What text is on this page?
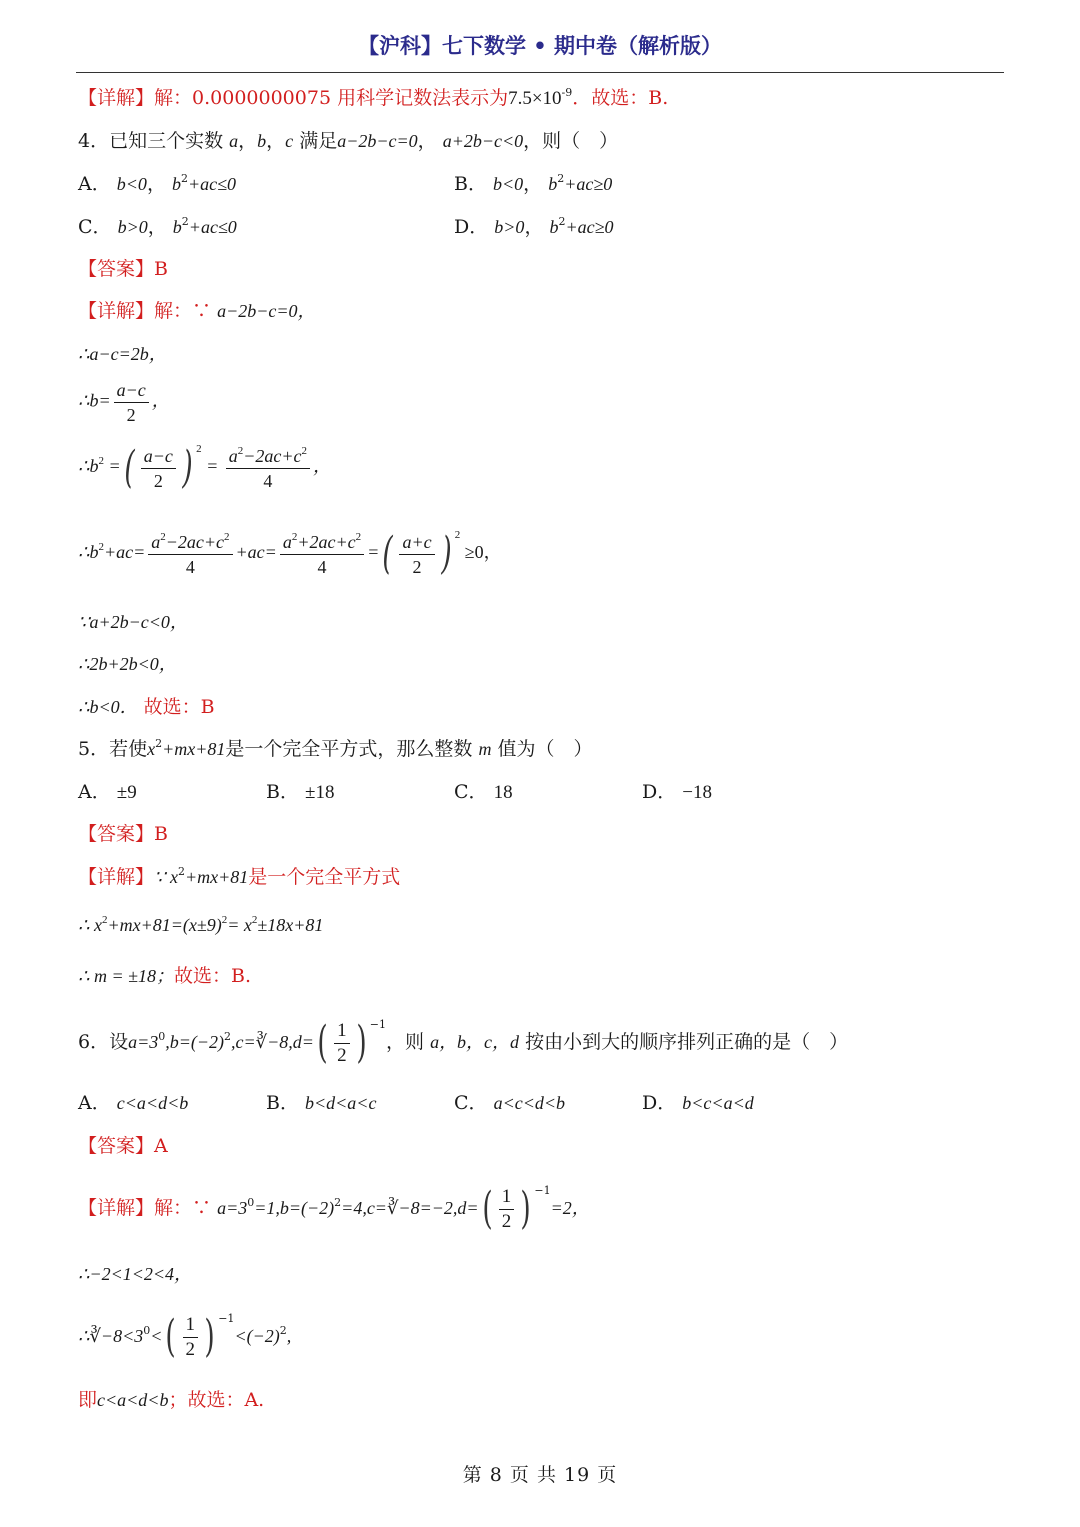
【沪科】七下数学 • 期中卷（解析版）
【详解】解：0.0000000075 用科学记数法表示为$7.5\times 10^{-9}$．故选：B.
4．已知三个实数 a，b，c 满足a−2b−c=0， a+2b−c<0，则（　）
A． b<0， $b^2+ac\le 0$	B． b<0， $b^2+ac\ge 0$
C． b>0， $b^2+ac\le 0$	D． b>0， $b^2+ac\ge 0$
【答案】B
【详解】解：∵ a−2b−c=0，
∴a−c=2b，
∴b= $\frac{a-c}{2}$ ，
$\therefore b^2$ =( $\frac{a-c}{2}$ ) $^2 = \frac{a^2-2ac+c^2}{4}$ ，
$\therefore b^2+ac= \frac{a^2-2ac+c^2}{4} +ac= \frac{a^2+2ac+c^2}{4}$ =( $\frac{a+c}{2}$ ) $^2$ ≥0，
∵a+2b−c<0，
∴2b+2b<0，
∴b<0． 故选：B
5．若使$x^2+mx+81$是一个完全平方式，那么整数 m 值为（　）
A． ±9	B． ±18	C． 18	D． −18
【答案】B
【详解】∵ $x^2+mx+81$是一个完全平方式
∴ $x^2+mx+81=(x\pm 9)^2= x^2\pm 18x+81$
∴ m = ±18；故选：B.
6．设$a=3^0,b=(-2)^2,c=∛-8,d=( \frac{1}{2}$ ) $^{-1}$，则 a，b，c，d 按由小到大的顺序排列正确的是（　）
A． c<a<d<b	B． b<d<a<c	C． a<c<d<b	D． b<c<a<d
【答案】A
【详解】解：∵ $a=3^0=1,b=(-2)^2=4,c=∛-8=-2,d=( \frac{1}{2}$ ) $^{-1}$=2，
∴−2<1<2<4，
$\therefore∛-8<3^0<( \frac{1}{2}$ ) $^{-1}<(-2)^2$,
即c<a<d<b；故选：A.
第 8 页 共 19 页
